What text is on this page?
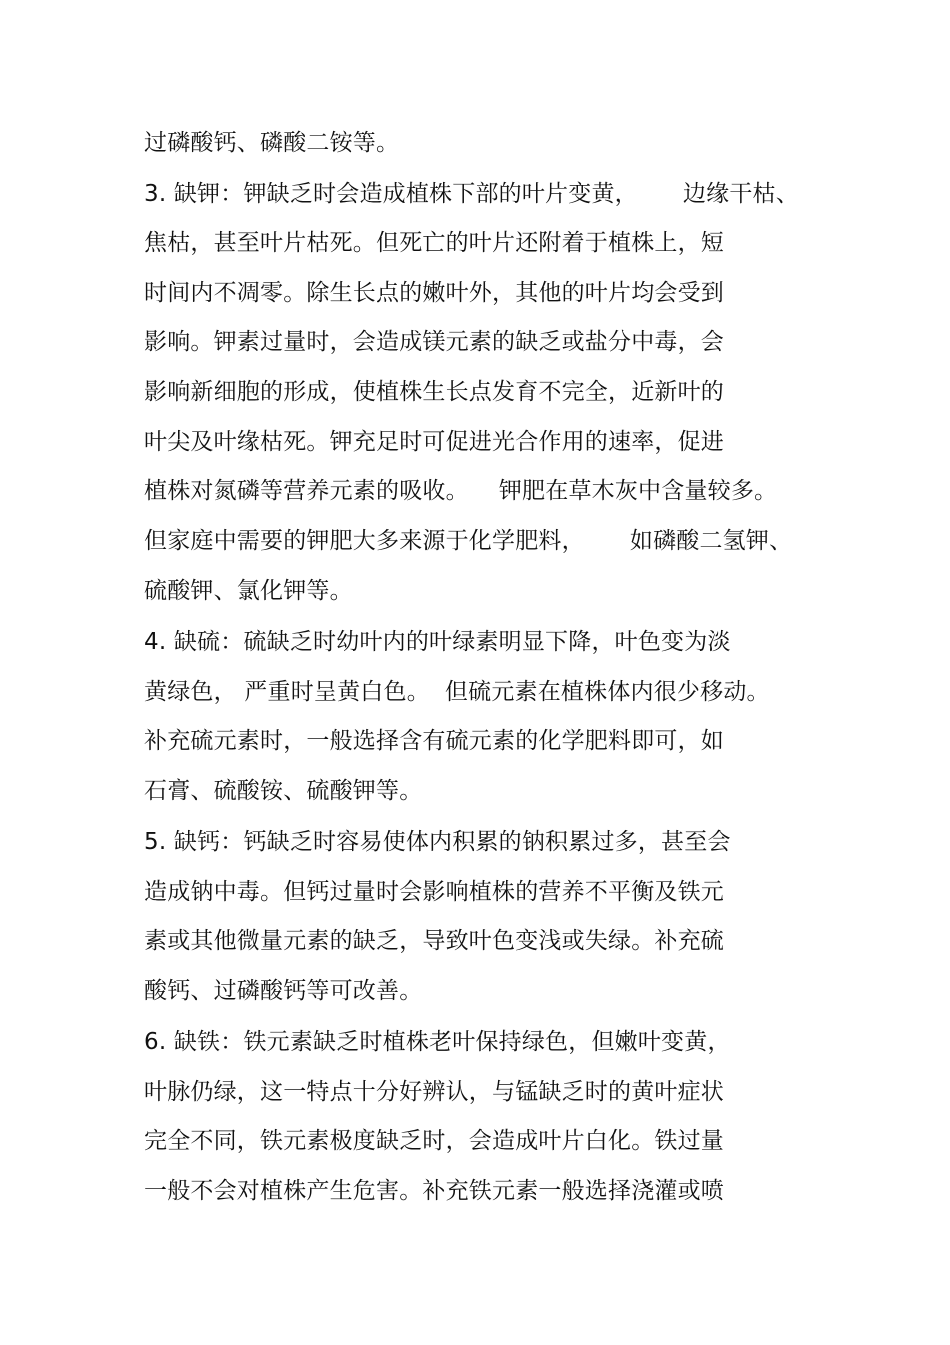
过磷酸钙、磷酸二铵等。
3. 缺钾：钾缺乏时会造成植株下部的叶片变黄，      边缘干枯、
焦枯，甚至叶片枯死。但死亡的叶片还附着于植株上，短
时间内不凋零。除生长点的嫩叶外，其他的叶片均会受到
影响。钾素过量时，会造成镁元素的缺乏或盐分中毒，会
影响新细胞的形成，使植株生长点发育不完全，近新叶的
叶尖及叶缘枯死。钾充足时可促进光合作用的速率，促进
植株对氮磷等营养元素的吸收。    钾肥在草木灰中含量较多。
但家庭中需要的钾肥大多来源于化学肥料，      如磷酸二氢钾、
硫酸钾、氯化钾等。
4. 缺硫：硫缺乏时幼叶内的叶绿素明显下降，叶色变为淡
黄绿色， 严重时呈黄白色。  但硫元素在植株体内很少移动。
补充硫元素时，一般选择含有硫元素的化学肥料即可，如
石膏、硫酸铵、硫酸钾等。
5. 缺钙：钙缺乏时容易使体内积累的钠积累过多，甚至会
造成钠中毒。但钙过量时会影响植株的营养不平衡及铁元
素或其他微量元素的缺乏，导致叶色变浅或失绿。补充硫
酸钙、过磷酸钙等可改善。
6. 缺铁：铁元素缺乏时植株老叶保持绿色，但嫩叶变黄，
叶脉仍绿，这一特点十分好辨认，与锰缺乏时的黄叶症状
完全不同，铁元素极度缺乏时，会造成叶片白化。铁过量
一般不会对植株产生危害。补充铁元素一般选择浇灌或喷
